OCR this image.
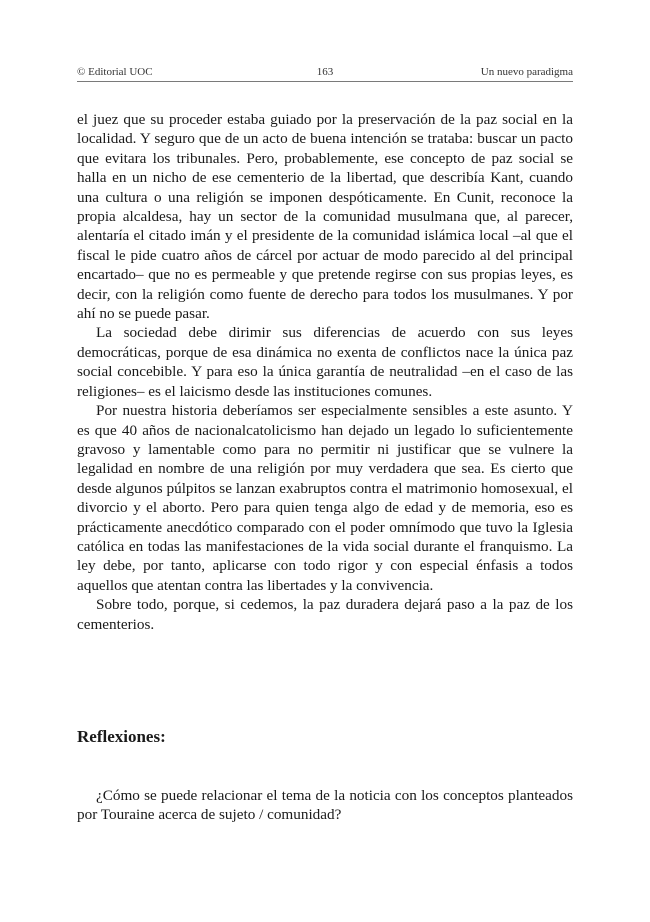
© Editorial UOC	163	Un nuevo paradigma

el juez que su proceder estaba guiado por la preservación de la paz social en la localidad. Y seguro que de un acto de buena intención se trataba: buscar un pacto que evitara los tribunales. Pero, probablemente, ese concepto de paz social se halla en un nicho de ese cementerio de la libertad, que describía Kant, cuando una cultura o una religión se imponen despóticamente. En Cunit, reconoce la propia alcaldesa, hay un sector de la comunidad musulmana que, al parecer, alentaría el citado imán y el presidente de la comunidad islámica local –al que el fiscal le pide cuatro años de cárcel por actuar de modo parecido al del principal encartado– que no es permeable y que pretende regirse con sus propias leyes, es decir, con la religión como fuente de derecho para todos los musulmanes. Y por ahí no se puede pasar.

La sociedad debe dirimir sus diferencias de acuerdo con sus leyes democráticas, porque de esa dinámica no exenta de conflictos nace la única paz social concebible. Y para eso la única garantía de neutralidad –en el caso de las religiones– es el laicismo desde las instituciones comunes.

Por nuestra historia deberíamos ser especialmente sensibles a este asunto. Y es que 40 años de nacionalcatolicismo han dejado un legado lo suficientemente gravoso y lamentable como para no permitir ni justificar que se vulnere la legalidad en nombre de una religión por muy verdadera que sea. Es cierto que desde algunos púlpitos se lanzan exabruptos contra el matrimonio homosexual, el divorcio y el aborto. Pero para quien tenga algo de edad y de memoria, eso es prácticamente anecdótico comparado con el poder omnímodo que tuvo la Iglesia católica en todas las manifestaciones de la vida social durante el franquismo. La ley debe, por tanto, aplicarse con todo rigor y con especial énfasis a todos aquellos que atentan contra las libertades y la convivencia.

Sobre todo, porque, si cedemos, la paz duradera dejará paso a la paz de los cementerios.

Reflexiones:

¿Cómo se puede relacionar el tema de la noticia con los conceptos planteados por Touraine acerca de sujeto / comunidad?
